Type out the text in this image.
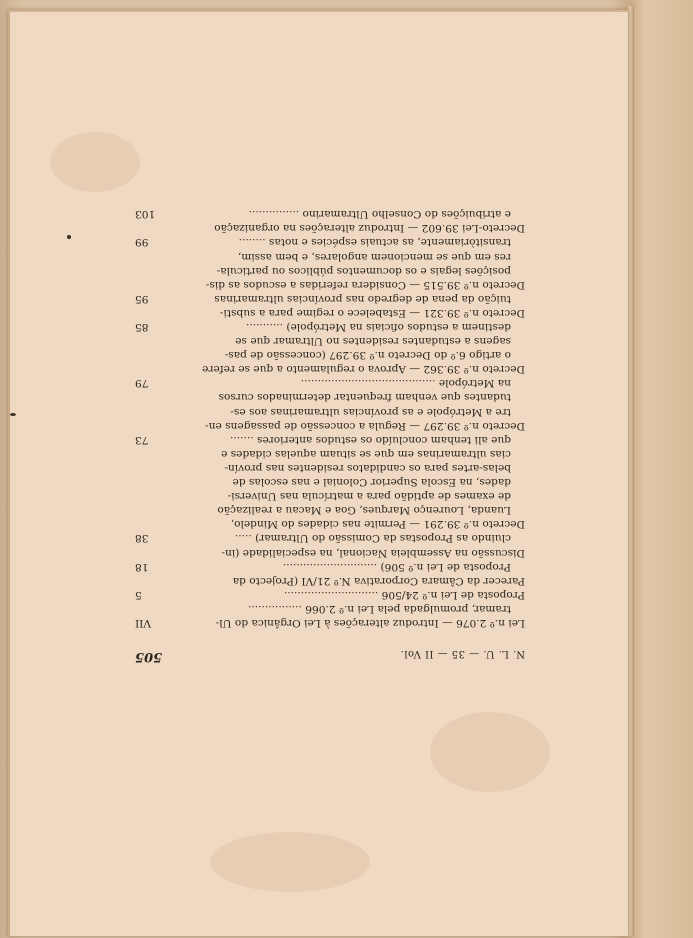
N. L. U. — 35 — II Vol.
505
Lei n.º 2.076 — Introduz alterações à Lei Orgânica do Ul-
VII
tramar, promulgada pela Lei n.º 2.066 ................
Proposta de Lei n.º 24/506 ............................
5
Parecer da Câmara Corporativa N.º 21/VI (Projecto da
Proposta de Lei n.º 506) ............................
18
Discussão na Assembleia Nacional, na especialidade (in-
cluindo as Propostas da Comissão do Ultramar) .....
38
Decreto n.º 39.291 — Permite nas cidades do Mindelo,
Luanda, Lourenço Marques, Goa e Macau a realização
de exames de aptidão para a matrícula nas Universi-
dades, na Escola Superior Colonial e nas escolas de
belas-artes para os candidatos residentes nas provín-
cias ultramarinas em que se situam aquelas cidades e
que ali tenham concluído os estudos anteriores .......
73
Decreto n.º 39.297 — Regula a concessão de passagens en-
tre a Metrópole e as províncias ultramarinas aos es-
tudantes que venham frequentar determinados cursos
na Metrópole ........................................
79
Decreto n.º 39.362 — Aprova o regulamento a que se refere
o artigo 6.º do Decreto n.º 39.297 (concessão de pas-
sagens a estudantes residentes no Ultramar que se
destinem a estudos oficiais na Metrópole) ...........
85
Decreto n.º 39.321 — Estabelece o regime para a substi-
tuição da pena de degredo nas províncias ultramarinas
95
Decreto n.º 39.515 — Considera referidas a escudos as dis-
posições legais e os documentos públicos ou particula-
res em que se mencionem angolares, e bem assim,
transitòriamente, as actuais espécies e notas ........
99
Decreto-Lei 39.602 — Introduz alterações na organização
e atribuições do Conselho Ultramarino ...............
103
